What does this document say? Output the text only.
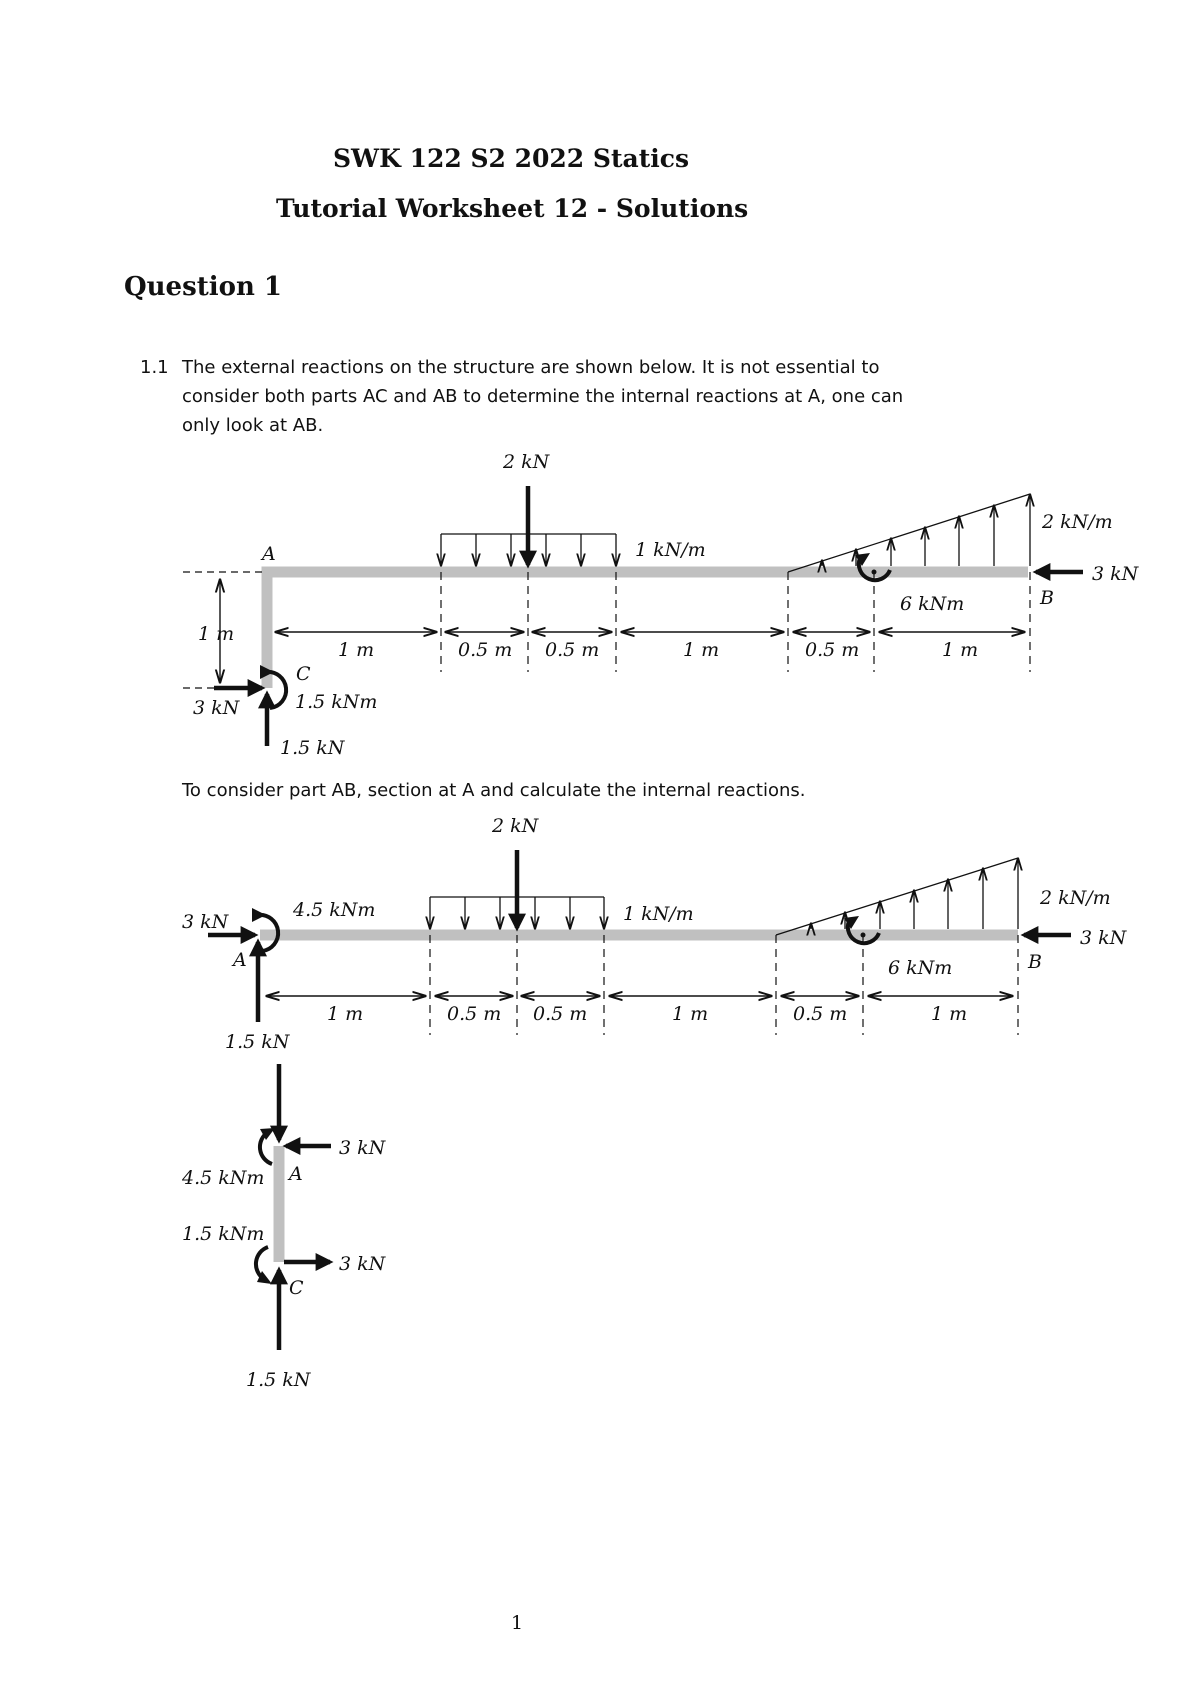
SWK 122 S2 2022 Statics
Tutorial Worksheet 12 - Solutions
Question 1
1.1 The external reactions on the structure are shown below. It is not essential to consider both parts AC and AB to determine the internal reactions at A, one can only look at AB.
A
B
C
2 kN
1 kN/m
2 kN/m
3 kN
6 kNm
1 m
3 kN	1.5 kNm
1.5 kN
1 m	0.5 m 0.5 m	1 m	0.5 m	1 m
To consider part AB, section at A and calculate the internal reactions.
A	B
2 kN
1 kN/m
2 kN/m
3 kN
6 kNm
3 kN
4.5 kNm
1.5 kN
1 m	0.5 m 0.5 m	1 m	0.5 m	1 m
A
C
3 kN
4.5 kNm
1.5 kNm
3 kN
1.5 kN
1
